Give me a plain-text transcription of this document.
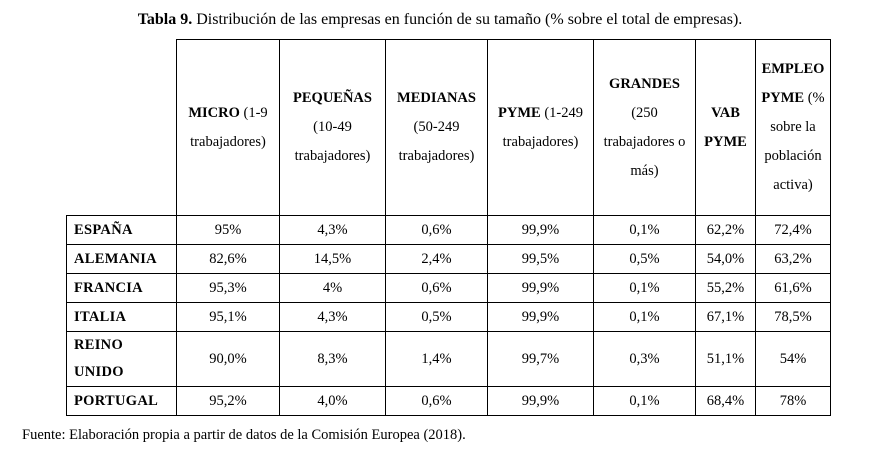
Tabla 9. Distribución de las empresas en función de su tamaño (% sobre el total de empresas).
	MICRO (1-9 trabajadores)	PEQUEÑAS (10-49 trabajadores)	MEDIANAS (50-249 trabajadores)	PYME (1-249 trabajadores)	GRANDES (250 trabajadores o más)	VAB PYME	EMPLEO PYME (% sobre la población activa)
ESPAÑA	95%	4,3%	0,6%	99,9%	0,1%	62,2%	72,4%
ALEMANIA	82,6%	14,5%	2,4%	99,5%	0,5%	54,0%	63,2%
FRANCIA	95,3%	4%	0,6%	99,9%	0,1%	55,2%	61,6%
ITALIA	95,1%	4,3%	0,5%	99,9%	0,1%	67,1%	78,5%
REINO UNIDO	90,0%	8,3%	1,4%	99,7%	0,3%	51,1%	54%
PORTUGAL	95,2%	4,0%	0,6%	99,9%	0,1%	68,4%	78%
Fuente: Elaboración propia a partir de datos de la Comisión Europea (2018).
